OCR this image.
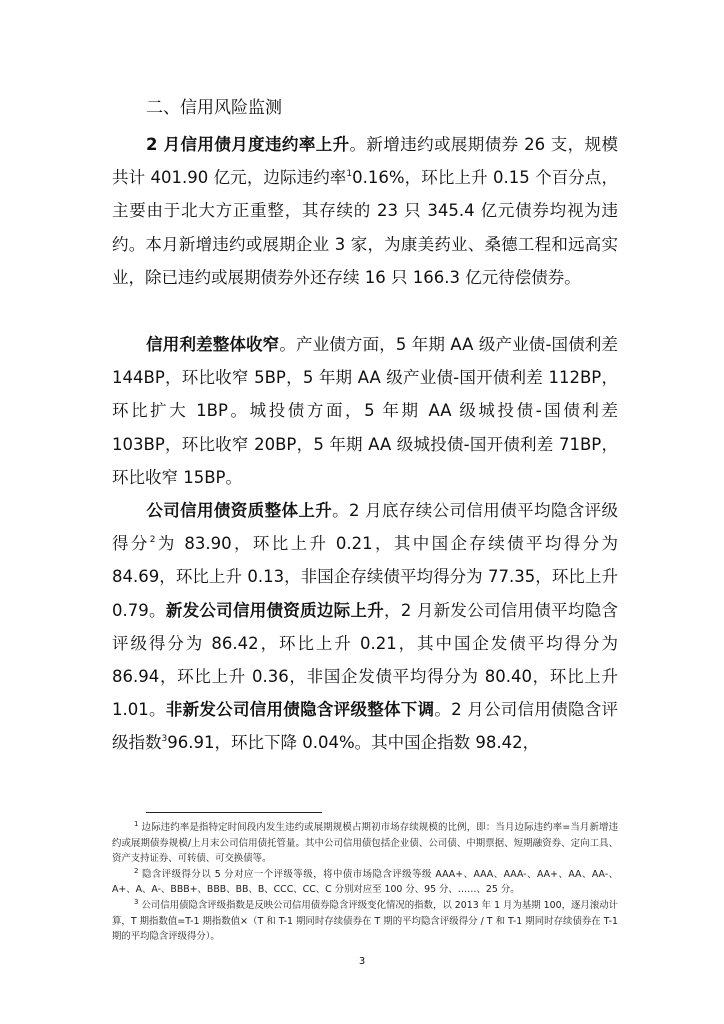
二、信用风险监测

2 月信用债月度违约率上升。新增违约或展期债券 26 支，规模共计 401.90 亿元，边际违约率$^1$0.16%，环比上升 0.15 个百分点，主要由于北大方正重整，其存续的 23 只 345.4 亿元债券均视为违约。本月新增违约或展期企业 3 家，为康美药业、桑德工程和远高实业，除已违约或展期债券外还存续 16 只 166.3 亿元待偿债券。

信用利差整体收窄。产业债方面，5 年期 AA 级产业债-国债利差 144BP，环比收窄 5BP，5 年期 AA 级产业债-国开债利差 112BP，环比扩大 1BP。城投债方面，5 年期 AA 级城投债-国债利差 103BP，环比收窄 20BP，5 年期 AA 级城投债-国开债利差 71BP，环比收窄 15BP。

公司信用债资质整体上升。2 月底存续公司信用债平均隐含评级得分$^2$为 83.90，环比上升 0.21，其中国企存续债平均得分为 84.69，环比上升 0.13，非国企存续债平均得分为 77.35，环比上升 0.79。新发公司信用债资质边际上升，2 月新发公司信用债平均隐含评级得分为 86.42，环比上升 0.21，其中国企发债平均得分为 86.94，环比上升 0.36，非国企发债平均得分为 80.40，环比上升 1.01。非新发公司信用债隐含评级整体下调。2 月公司信用债隐含评级指数$^3$96.91，环比下降 0.04%。其中国企指数 98.42，

$^1$ 边际违约率是指特定时间段内发生违约或展期规模占期初市场存续规模的比例，即：当月边际违约率=当月新增违约或展期债券规模/上月末公司信用债托管量。其中公司信用债包括企业债、公司债、中期票据、短期融资券、定向工具、资产支持证券、可转债、可交换债等。

$^2$ 隐含评级得分以 5 分对应一个评级等级，将中债市场隐含评级等级 AAA+、AAA、AAA-、AA+、AA、AA-、A+、A、A-、BBB+、BBB、BB、B、CCC、CC、C 分别对应至 100 分、95 分、……、25 分。

$^3$ 公司信用债隐含评级指数是反映公司信用债券隐含评级变化情况的指数，以 2013 年 1 月为基期 100，逐月滚动计算，T 期指数值=T-1 期指数值×（T 和 T-1 期同时存续债券在 T 期的平均隐含评级得分 / T 和 T-1 期同时存续债券在 T-1 期的平均隐含评级得分）。

3
